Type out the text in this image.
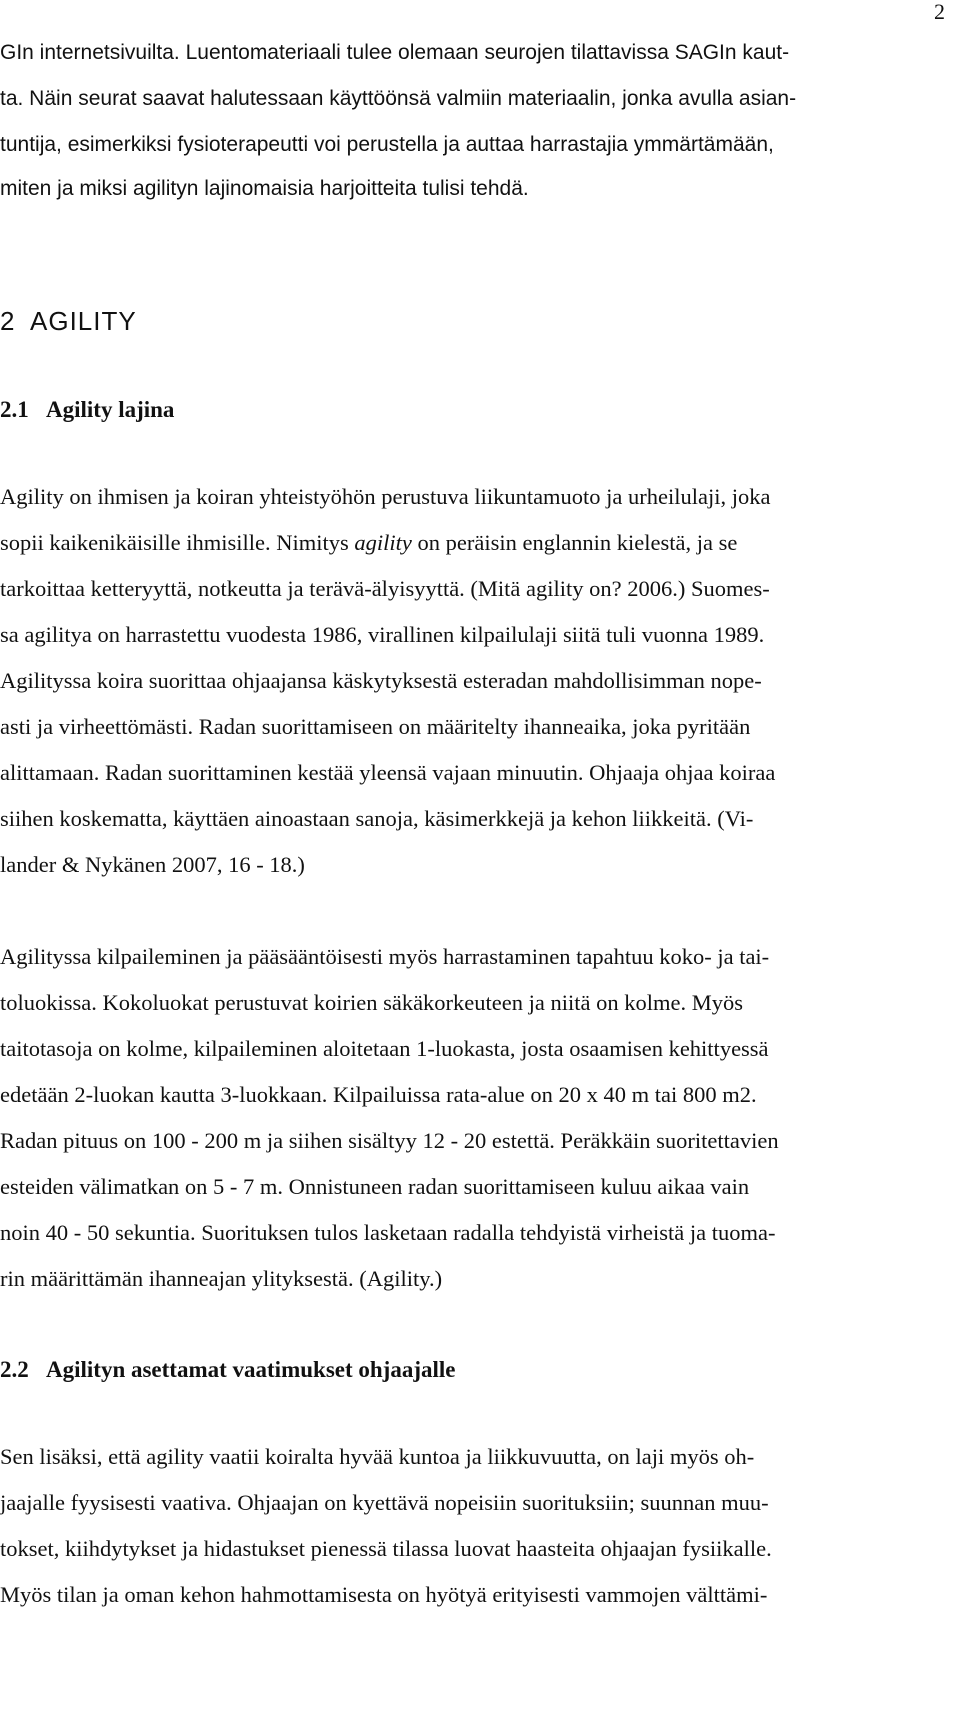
2
GIn internetsivuilta. Luentomateriaali tulee olemaan seurojen tilattavissa SAGIn kaut-
ta. Näin seurat saavat halutessaan käyttöönsä valmiin materiaalin, jonka avulla asian-
tuntija, esimerkiksi fysioterapeutti voi perustella ja auttaa harrastajia ymmärtämään,
miten ja miksi agilityn lajinomaisia harjoitteita tulisi tehdä.
2 AGILITY
2.1 Agility lajina
Agility on ihmisen ja koiran yhteistyöhön perustuva liikuntamuoto ja urheilulaji, joka
sopii kaikenikäisille ihmisille. Nimitys agility on peräisin englannin kielestä, ja se
tarkoittaa ketteryyttä, notkeutta ja terävä-älyisyyttä. (Mitä agility on? 2006.) Suomes-
sa agilitya on harrastettu vuodesta 1986, virallinen kilpailulaji siitä tuli vuonna 1989.
Agilityssa koira suorittaa ohjaajansa käskytyksestä esteradan mahdollisimman nope-
asti ja virheettömästi. Radan suorittamiseen on määritelty ihanneaika, joka pyritään
alittamaan. Radan suorittaminen kestää yleensä vajaan minuutin. Ohjaaja ohjaa koiraa
siihen koskematta, käyttäen ainoastaan sanoja, käsimerkkejä ja kehon liikkeitä. (Vi-
lander & Nykänen 2007, 16 - 18.)
Agilityssa kilpaileminen ja pääsääntöisesti myös harrastaminen tapahtuu koko- ja tai-
toluokissa. Kokoluokat perustuvat koirien säkäkorkeuteen ja niitä on kolme. Myös
taitotasoja on kolme, kilpaileminen aloitetaan 1-luokasta, josta osaamisen kehittyessä
edetään 2-luokan kautta 3-luokkaan. Kilpailuissa rata-alue on 20 x 40 m tai 800 m2.
Radan pituus on 100 - 200 m ja siihen sisältyy 12 - 20 estettä. Peräkkäin suoritettavien
esteiden välimatkan on 5 - 7 m. Onnistuneen radan suorittamiseen kuluu aikaa vain
noin 40 - 50 sekuntia. Suorituksen tulos lasketaan radalla tehdyistä virheistä ja tuoma-
rin määrittämän ihanneajan ylityksestä. (Agility.)
2.2 Agilityn asettamat vaatimukset ohjaajalle
Sen lisäksi, että agility vaatii koiralta hyvää kuntoa ja liikkuvuutta, on laji myös oh-
jaajalle fyysisesti vaativa. Ohjaajan on kyettävä nopeisiin suorituksiin; suunnan muu-
tokset, kiihdytykset ja hidastukset pienessä tilassa luovat haasteita ohjaajan fysiikalle.
Myös tilan ja oman kehon hahmottamisesta on hyötyä erityisesti vammojen välttämi-
